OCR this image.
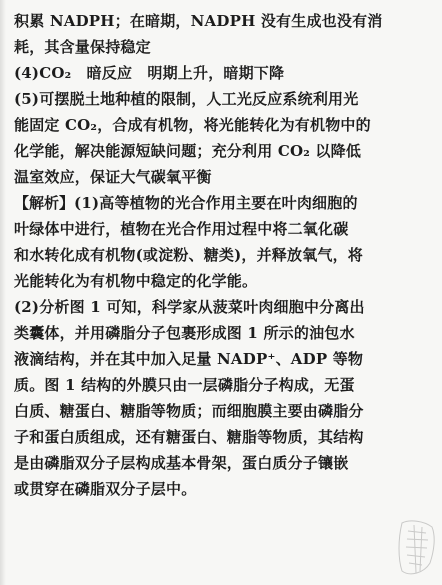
积累 NADPH；在暗期，NADPH 没有生成也没有消
耗，其含量保持稳定
(4)CO₂　暗反应　明期上升，暗期下降
(5)可摆脱土地种植的限制，人工光反应系统利用光
能固定 CO₂，合成有机物，将光能转化为有机物中的
化学能，解决能源短缺问题；充分利用 CO₂ 以降低
温室效应，保证大气碳氧平衡
【解析】(1)高等植物的光合作用主要在叶肉细胞的
叶绿体中进行，植物在光合作用过程中将二氧化碳
和水转化成有机物(或淀粉、糖类)，并释放氧气，将
光能转化为有机物中稳定的化学能。
(2)分析图 1 可知，科学家从菠菜叶肉细胞中分离出
类囊体，并用磷脂分子包裹形成图 1 所示的油包水
液滴结构，并在其中加入足量 NADP⁺、ADP 等物
质。图 1 结构的外膜只由一层磷脂分子构成，无蛋
白质、糖蛋白、糖脂等物质；而细胞膜主要由磷脂分
子和蛋白质组成，还有糖蛋白、糖脂等物质，其结构
是由磷脂双分子层构成基本骨架，蛋白质分子镶嵌
或贯穿在磷脂双分子层中。
